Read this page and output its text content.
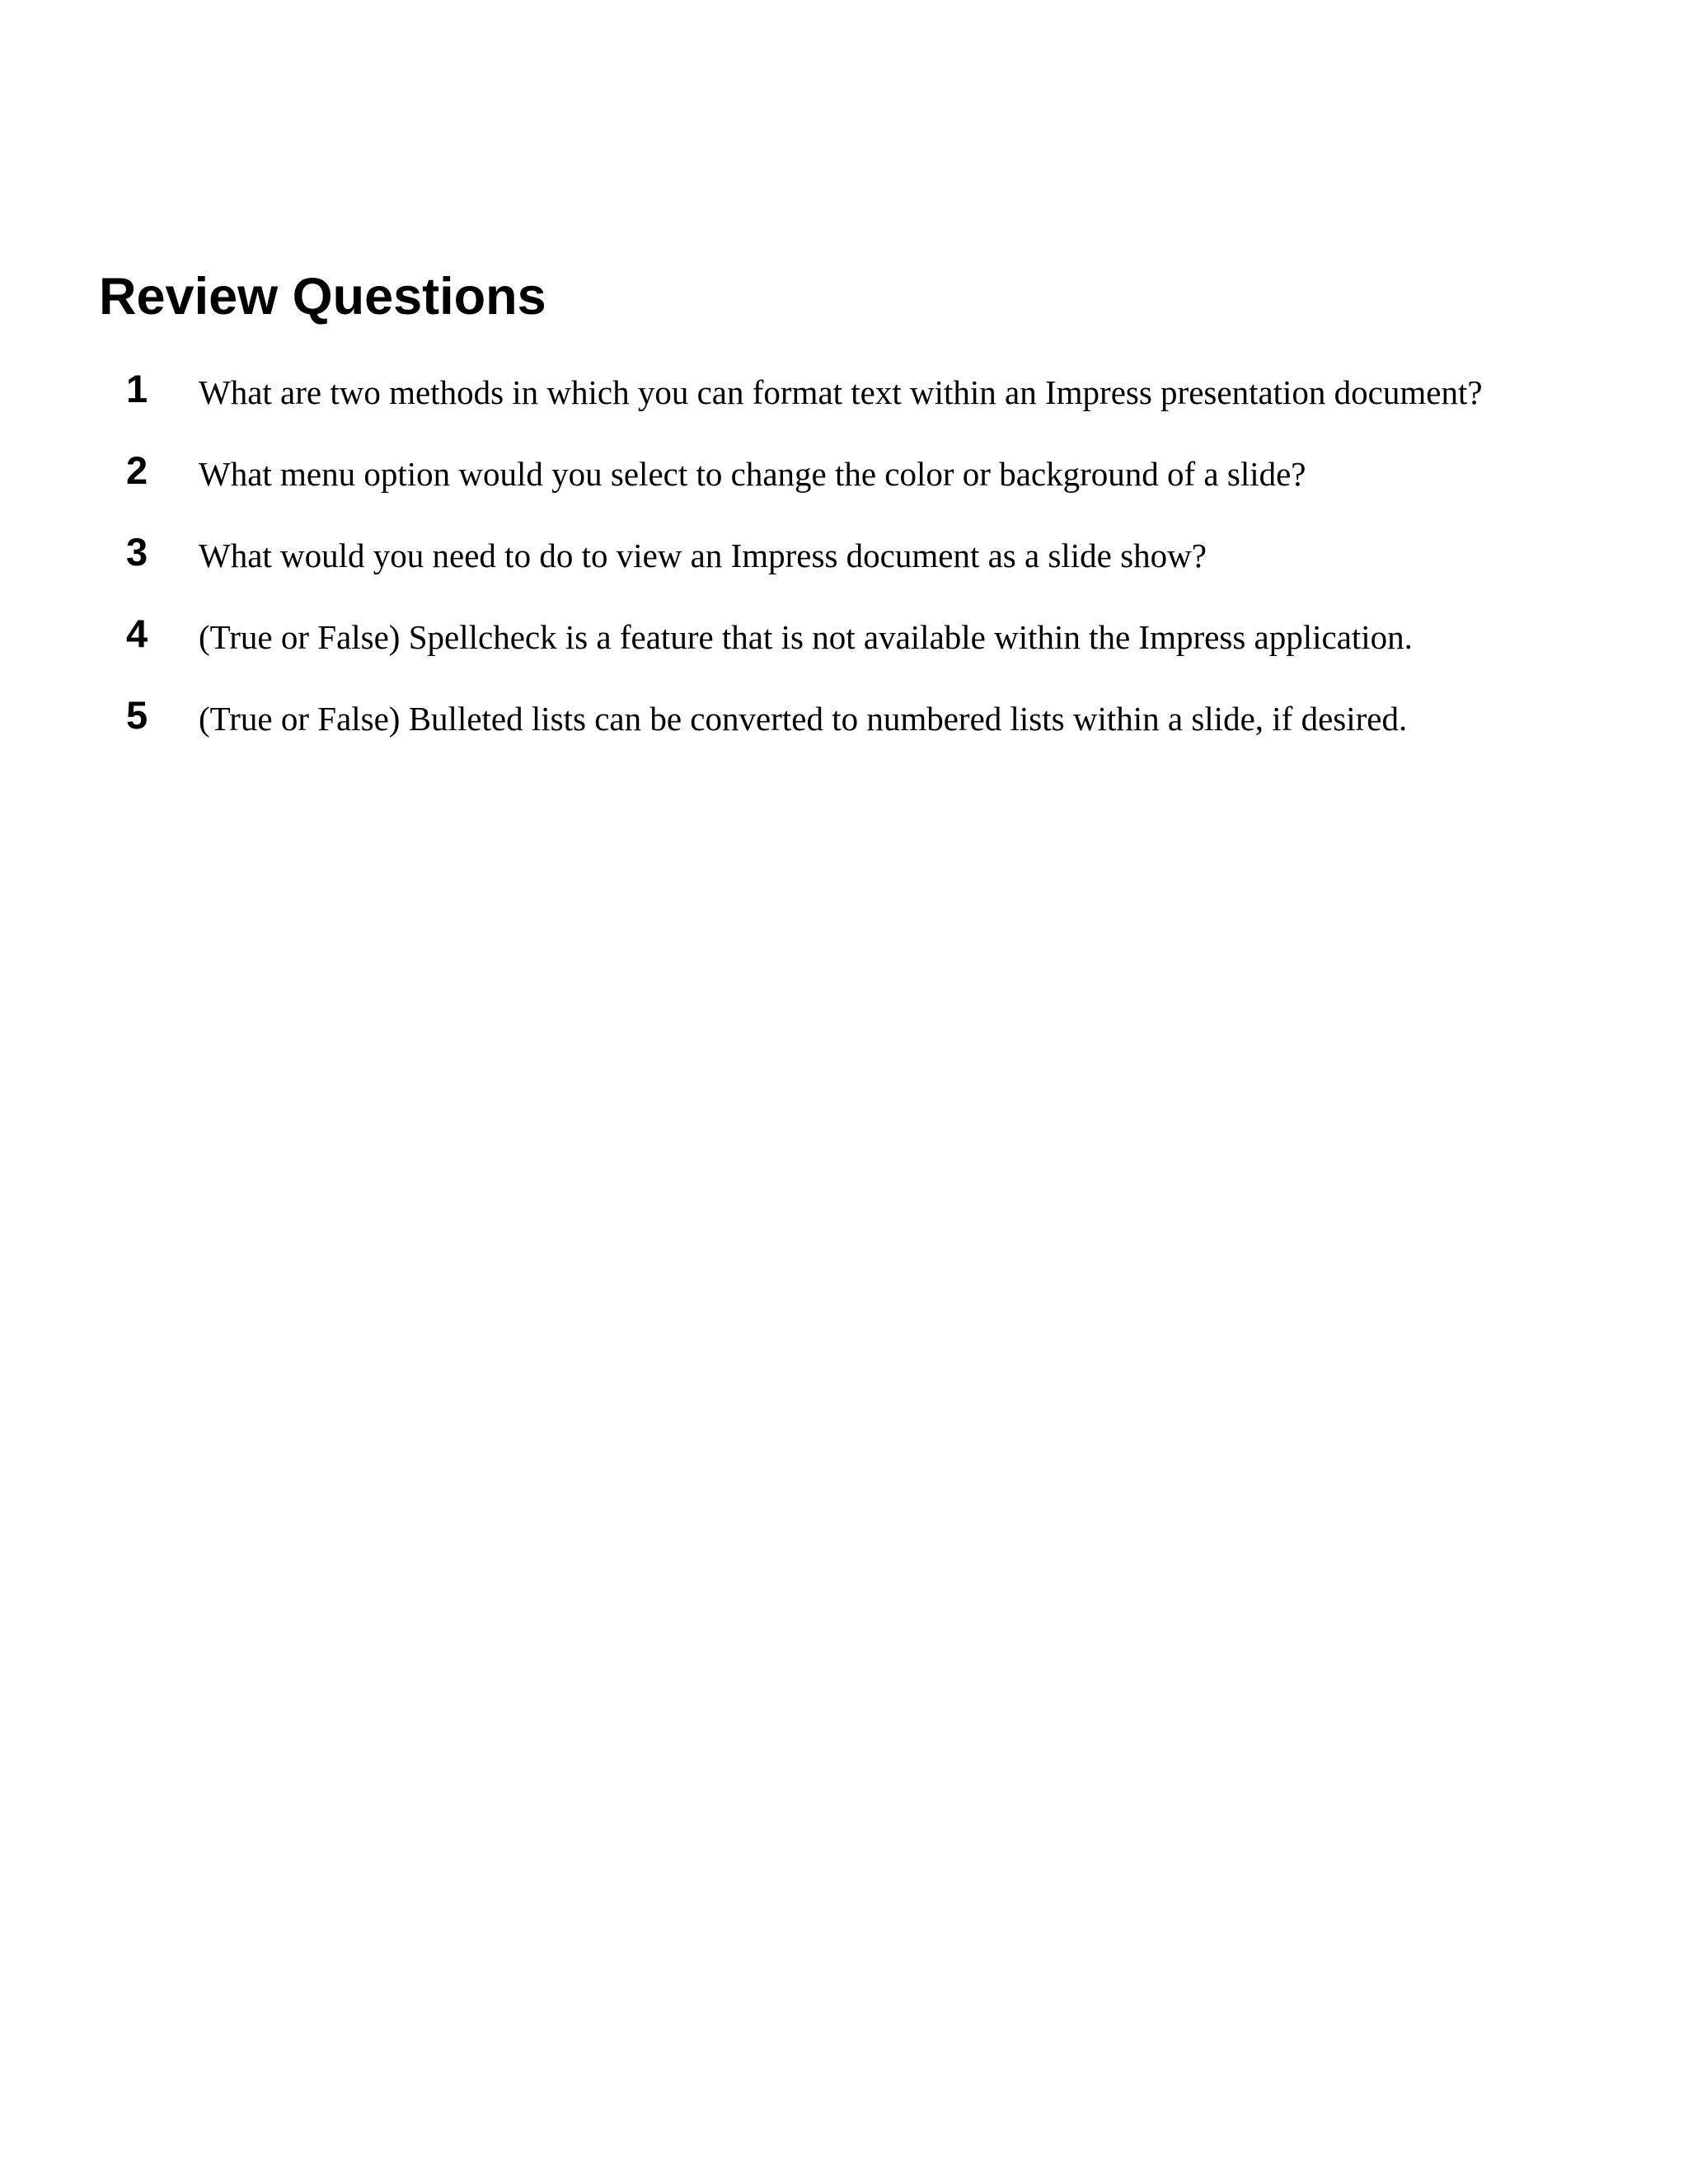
Review Questions
1 What are two methods in which you can format text within an Impress presentation document?
2 What menu option would you select to change the color or background of a slide?
3 What would you need to do to view an Impress document as a slide show?
4 (True or False) Spellcheck is a feature that is not available within the Impress application.
5 (True or False) Bulleted lists can be converted to numbered lists within a slide, if desired.
